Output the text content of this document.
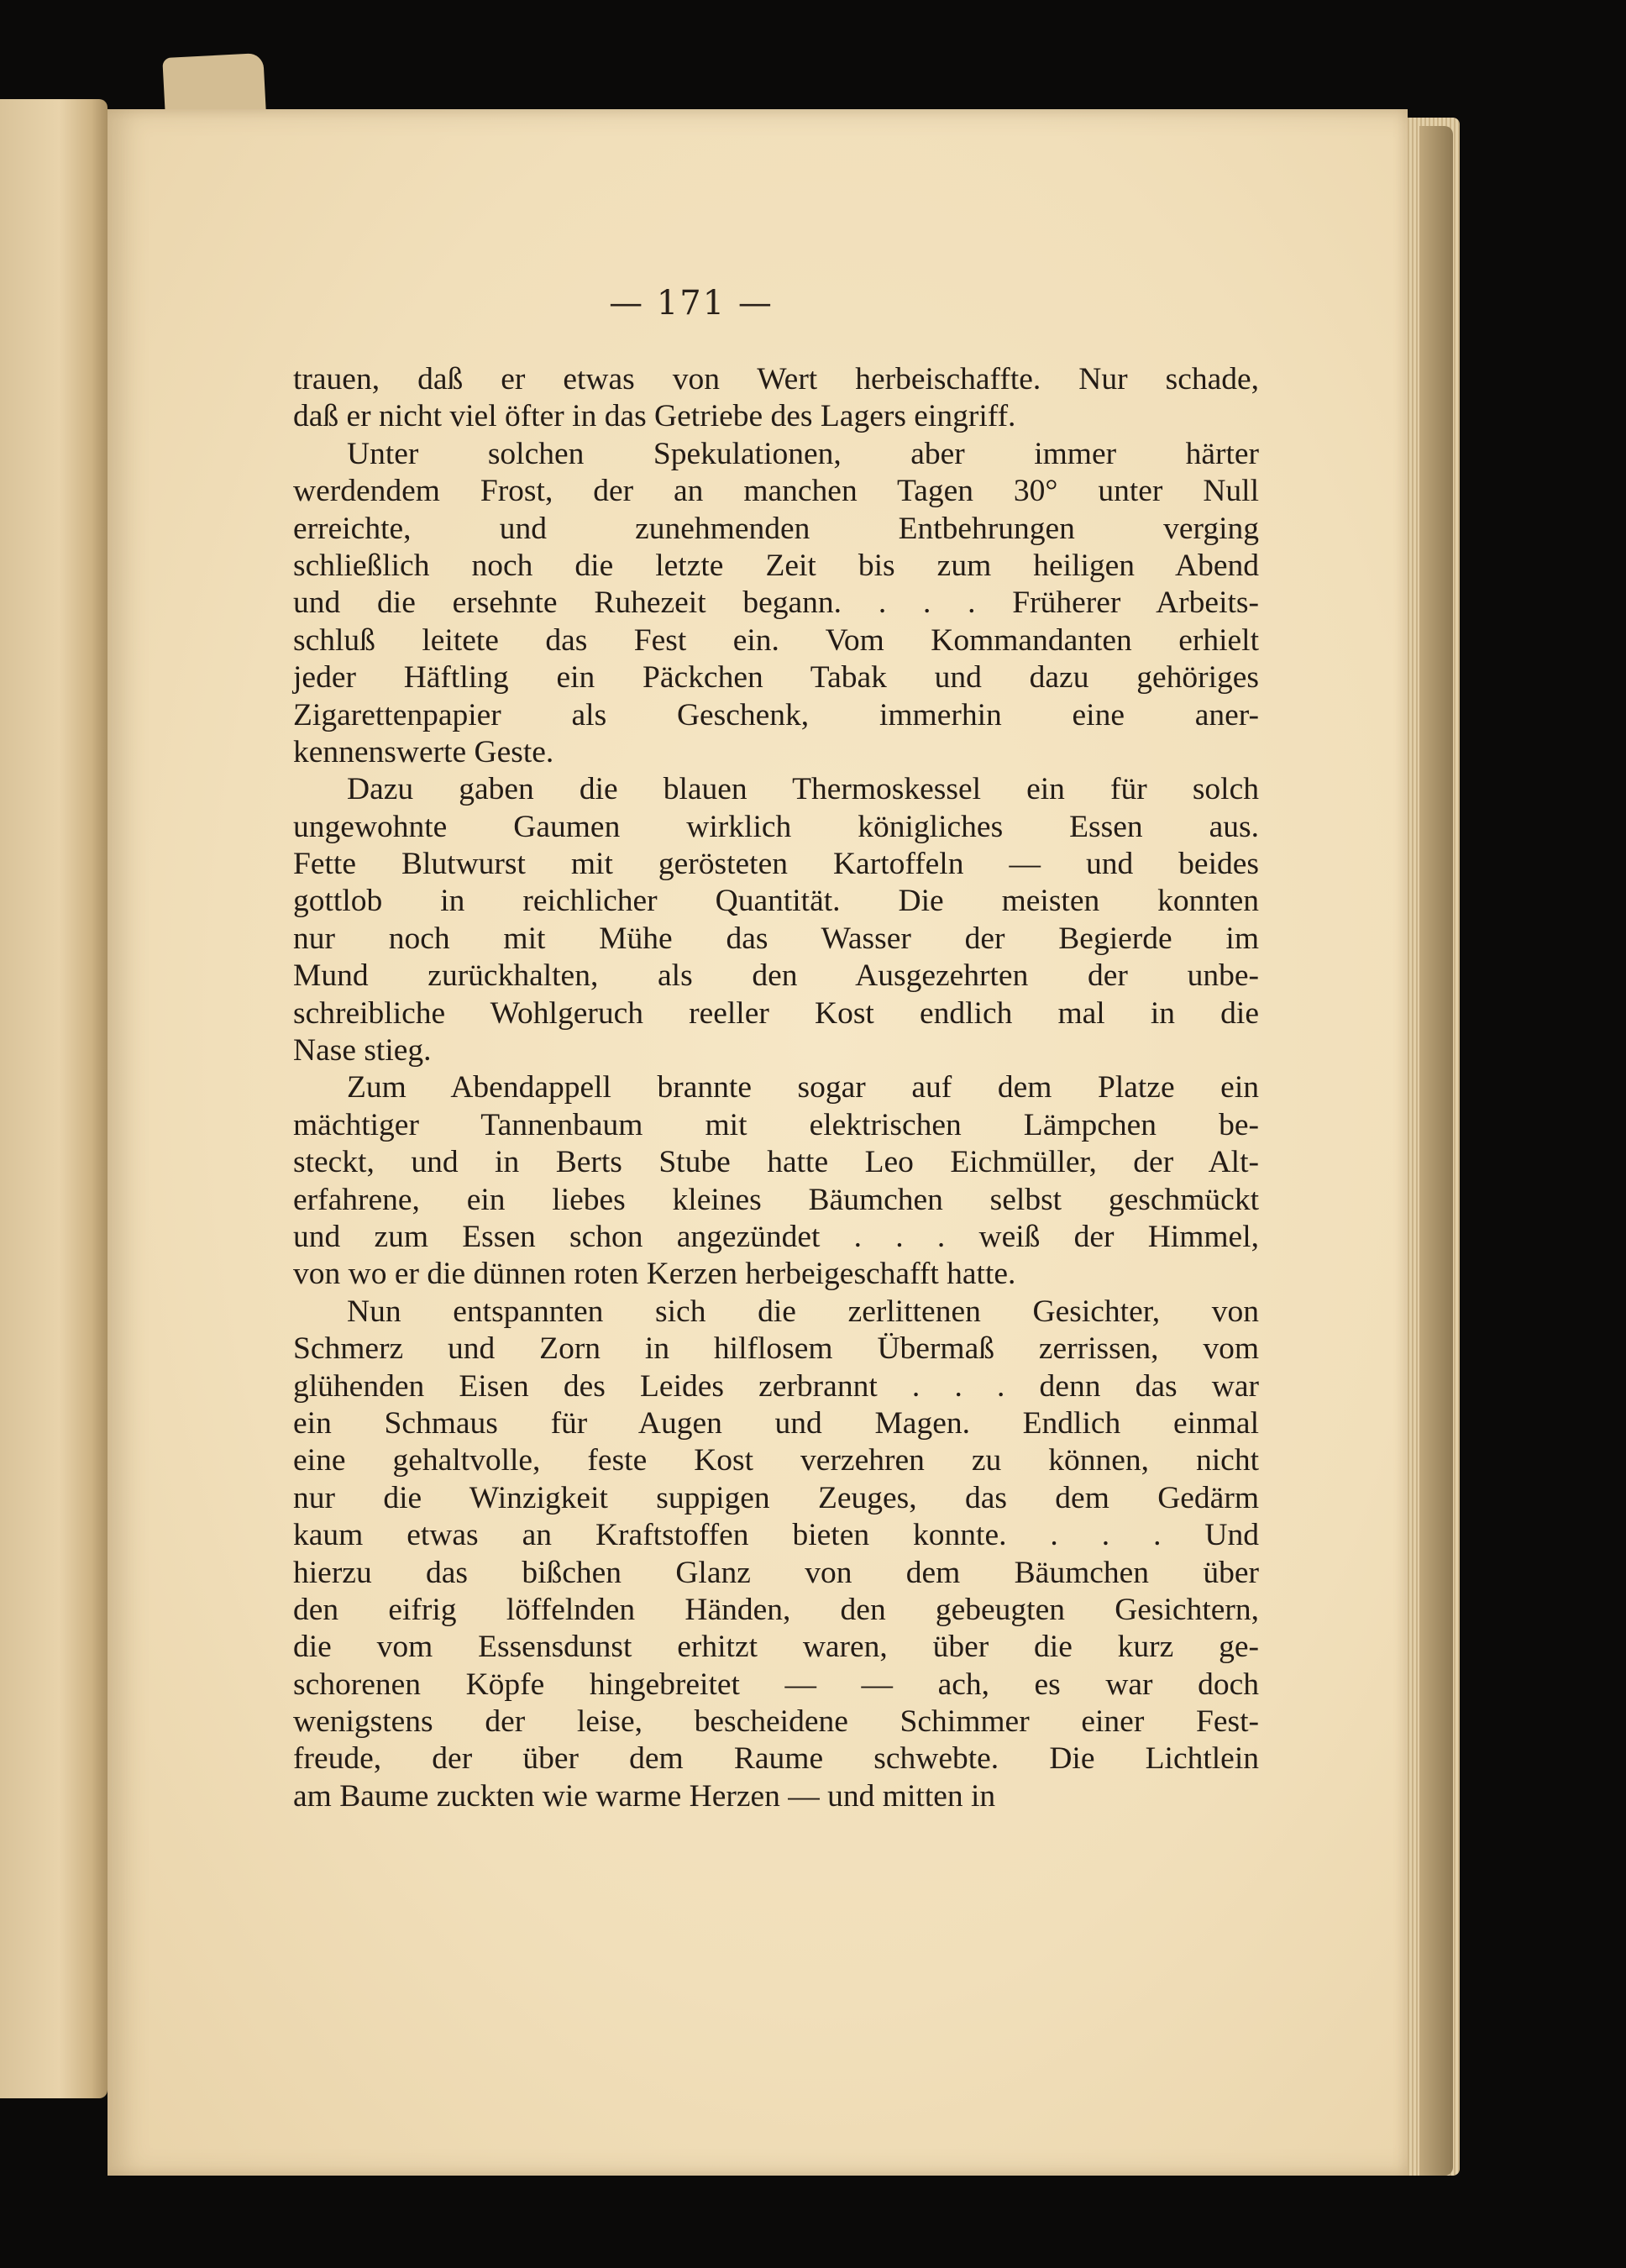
— 171 —
trauen, daß er etwas von Wert herbeischaffte. Nur schade,
daß er nicht viel öfter in das Getriebe des Lagers eingriff.
Unter solchen Spekulationen, aber immer härter
werdendem Frost, der an manchen Tagen 30° unter Null
erreichte, und zunehmenden Entbehrungen verging
schließlich noch die letzte Zeit bis zum heiligen Abend
und die ersehnte Ruhezeit begann. . . . Früherer Arbeits-
schluß leitete das Fest ein. Vom Kommandanten erhielt
jeder Häftling ein Päckchen Tabak und dazu gehöriges
Zigarettenpapier als Geschenk, immerhin eine aner-
kennenswerte Geste.
Dazu gaben die blauen Thermoskessel ein für solch
ungewohnte Gaumen wirklich königliches Essen aus.
Fette Blutwurst mit gerösteten Kartoffeln — und beides
gottlob in reichlicher Quantität. Die meisten konnten
nur noch mit Mühe das Wasser der Begierde im
Mund zurückhalten, als den Ausgezehrten der unbe-
schreibliche Wohlgeruch reeller Kost endlich mal in die
Nase stieg.
Zum Abendappell brannte sogar auf dem Platze ein
mächtiger Tannenbaum mit elektrischen Lämpchen be-
steckt, und in Berts Stube hatte Leo Eichmüller, der Alt-
erfahrene, ein liebes kleines Bäumchen selbst geschmückt
und zum Essen schon angezündet . . . weiß der Himmel,
von wo er die dünnen roten Kerzen herbeigeschafft hatte.
Nun entspannten sich die zerlittenen Gesichter, von
Schmerz und Zorn in hilflosem Übermaß zerrissen, vom
glühenden Eisen des Leides zerbrannt . . . denn das war
ein Schmaus für Augen und Magen. Endlich einmal
eine gehaltvolle, feste Kost verzehren zu können, nicht
nur die Winzigkeit suppigen Zeuges, das dem Gedärm
kaum etwas an Kraftstoffen bieten konnte. . . . Und
hierzu das bißchen Glanz von dem Bäumchen über
den eifrig löffelnden Händen, den gebeugten Gesichtern,
die vom Essensdunst erhitzt waren, über die kurz ge-
schorenen Köpfe hingebreitet — — ach, es war doch
wenigstens der leise, bescheidene Schimmer einer Fest-
freude, der über dem Raume schwebte. Die Lichtlein
am Baume zuckten wie warme Herzen — und mitten in
